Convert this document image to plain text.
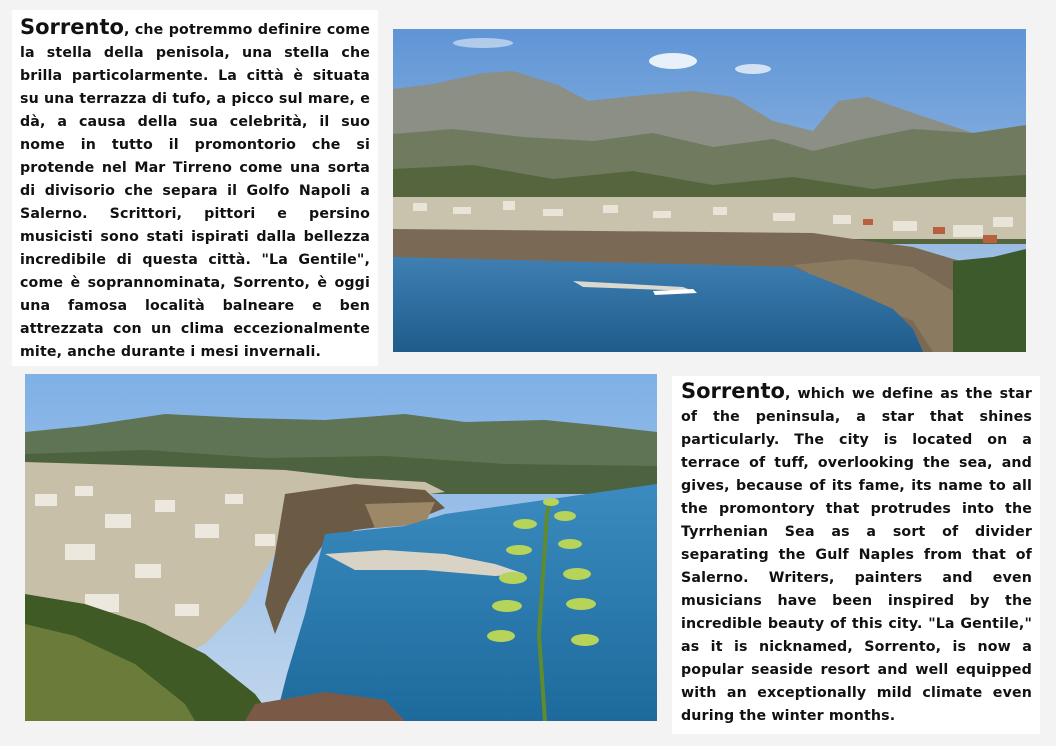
Sorrento, che potremmo definire come la stella della penisola, una stella che brilla particolarmente. La città è situata su una terrazza di tufo, a picco sul mare, e dà, a causa della sua celebrità, il suo nome in tutto il promontorio che si protende nel Mar Tirreno come una sorta di divisorio che separa il Golfo Napoli a Salerno. Scrittori, pittori e persino musicisti sono stati ispirati dalla bellezza incredibile di questa città. "La Gentile", come è soprannominata, Sorrento, è oggi una famosa località balneare e ben attrezzata con un clima eccezionalmente mite, anche durante i mesi invernali.

Sorrento, which we define as the star of the peninsula, a star that shines particularly. The city is located on a terrace of tuff, overlooking the sea, and gives, because of its fame, its name to all the promontory that protrudes into the Tyrrhenian Sea as a sort of divider separating the Gulf Naples from that of Salerno. Writers, painters and even musicians have been inspired by the incredible beauty of this city. "La Gentile," as it is nicknamed, Sorrento, is now a popular seaside resort and well equipped with an exceptionally mild climate even during the winter months.
